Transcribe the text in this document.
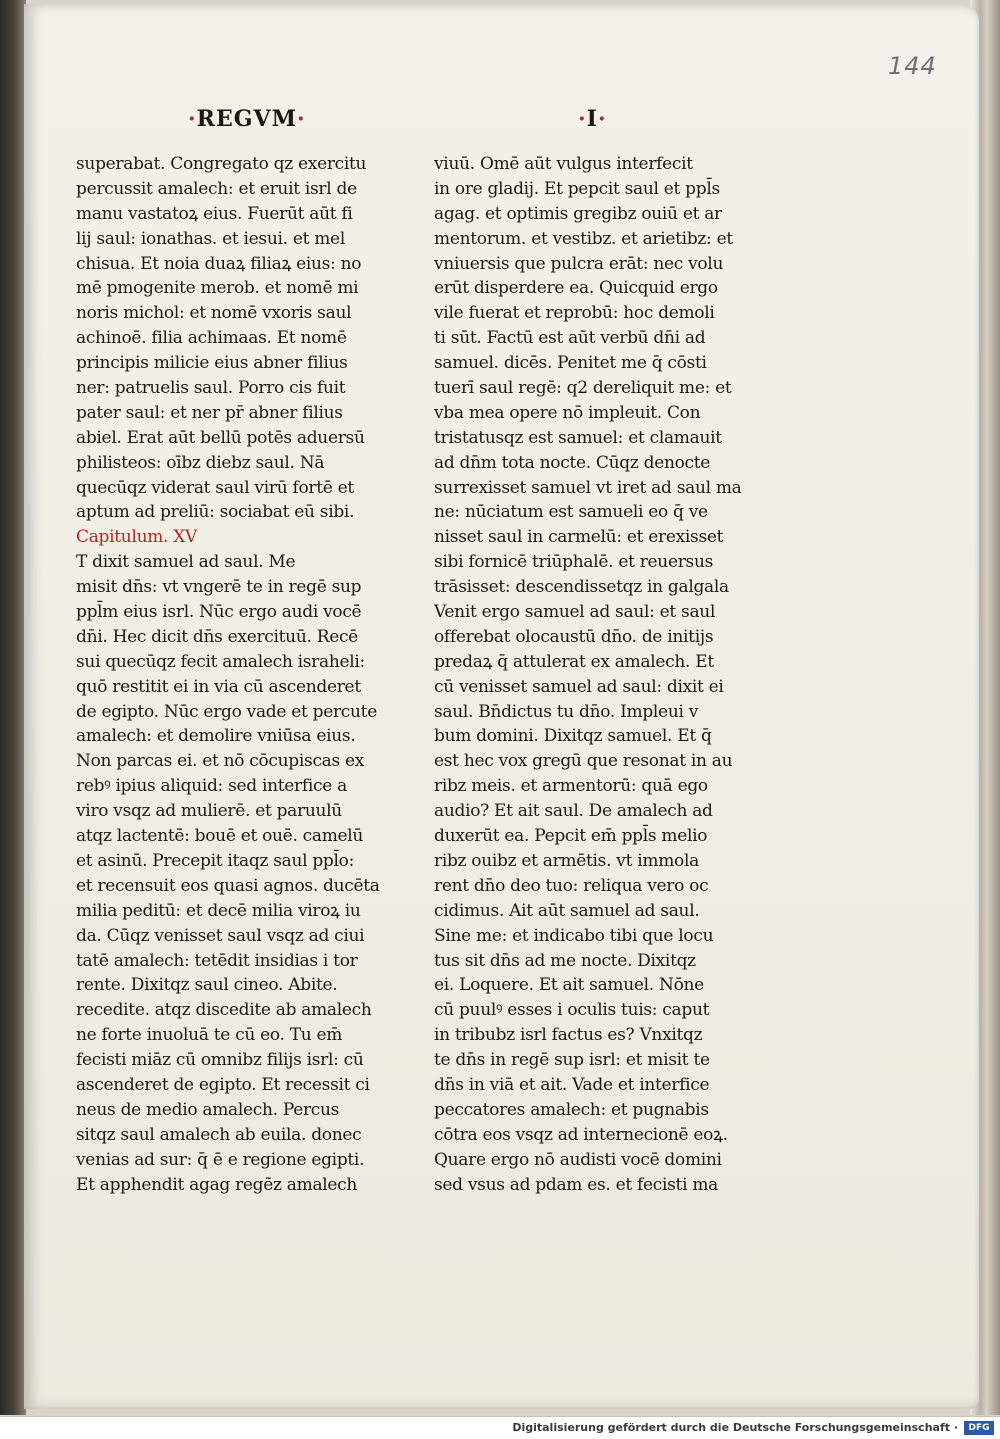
144
·REGVM·	·I·
superabat. Congregato qz exercitu
percussit amalech: et eruit isrl de
manu vastatoꝝ eius. Fuerūt aūt fi
lij saul: ionathas. et iesui. et mel
chisua. Et noia duaꝝ filiaꝝ eius: no
mē pmogenite merob. et nomē mi
noris michol: et nomē vxoris saul
achinoē. filia achimaas. Et nomē
principis milicie eius abner filius
ner: patruelis saul. Porro cis fuit
pater saul: et ner pr̄ abner filius
abiel. Erat aūt bellū potēs aduersū
philisteos: oībz diebz saul. Nā
quecūqz viderat saul virū fortē et
aptum ad preliū: sociabat eū sibi.
Capitulum. XV
T dixit samuel ad saul. Me
misit dn̄s: vt vngerē te in regē sup
ppl̄m eius isrl. Nūc ergo audi vocē
dn̄i. Hec dicit dn̄s exercituū. Recē
sui quecūqz fecit amalech israheli:
quō restitit ei in via cū ascenderet
de egipto. Nūc ergo vade et percute
amalech: et demolire vniūsa eius.
Non parcas ei. et nō cōcupiscas ex
rebꝰ ipius aliquid: sed interfice a
viro vsqz ad mulierē. et paruulū
atqz lactentē: bouē et ouē. camelū
et asinū. Precepit itaqz saul ppl̄o:
et recensuit eos quasi agnos. ducēta
milia peditū: et decē milia viroꝝ iu
da. Cūqz venisset saul vsqz ad ciui
tatē amalech: tetēdit insidias i tor
rente. Dixitqz saul cineo. Abite.
recedite. atqz discedite ab amalech
ne forte inuoluā te cū eo. Tu em̄
fecisti miāz cū omnibz filijs isrl: cū
ascenderet de egipto. Et recessit ci
neus de medio amalech. Percus
sitqz saul amalech ab euila. donec
venias ad sur: q̄ ē e regione egipti.
Et apphendit agag regēz amalech
viuū. Omē aūt vulgus interfecit
in ore gladij. Et pepcit saul et ppl̄s
agag. et optimis gregibz ouiū et ar
mentorum. et vestibz. et arietibz: et
vniuersis que pulcra erāt: nec volu
erūt disperdere ea. Quicquid ergo
vile fuerat et reprobū: hoc demoli
ti sūt. Factū est aūt verbū dn̄i ad
samuel. dicēs. Penitet me q̄ cōsti
tuerī saul regē: q2 dereliquit me: et
vba mea opere nō impleuit. Con
tristatusqz est samuel: et clamauit
ad dn̄m tota nocte. Cūqz denocte
surrexisset samuel vt iret ad saul ma
ne: nūciatum est samueli eo q̄ ve
nisset saul in carmelū: et erexisset
sibi fornicē triūphalē. et reuersus
trāsisset: descendissetqz in galgala
Venit ergo samuel ad saul: et saul
offerebat olocaustū dn̄o. de initijs
predaꝝ q̄ attulerat ex amalech. Et
cū venisset samuel ad saul: dixit ei
saul. Bn̄dictus tu dn̄o. Impleui v
bum domini. Dixitqz samuel. Et q̄
est hec vox gregū que resonat in au
ribz meis. et armentorū: quā ego
audio? Et ait saul. De amalech ad
duxerūt ea. Pepcit em̄ ppl̄s melio
ribz ouibz et armētis. vt immola
rent dn̄o deo tuo: reliqua vero oc
cidimus. Ait aūt samuel ad saul.
Sine me: et indicabo tibi que locu
tus sit dn̄s ad me nocte. Dixitqz
ei. Loquere. Et ait samuel. Nōne
cū puulꝰ esses i oculis tuis: caput
in tribubz isrl factus es? Vnxitqz
te dn̄s in regē sup isrl: et misit te
dn̄s in viā et ait. Vade et interfice
peccatores amalech: et pugnabis
cōtra eos vsqz ad internecionē eoꝝ.
Quare ergo nō audisti vocē domini
sed vsus ad pdam es. et fecisti ma
Digitalisierung gefördert durch die Deutsche Forschungsgemeinschaft ·	DFG
